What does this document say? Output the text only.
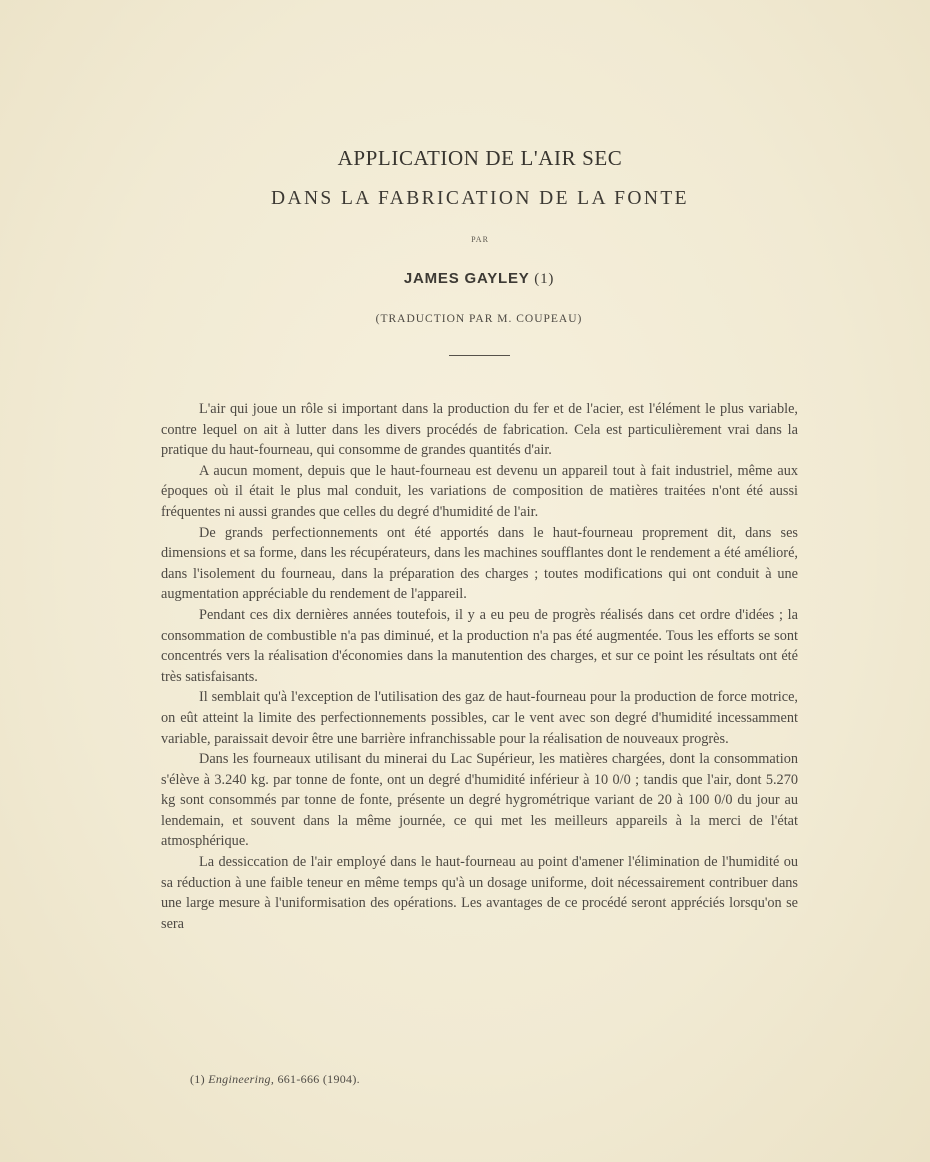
APPLICATION DE L'AIR SEC
DANS LA FABRICATION DE LA FONTE
PAR
JAMES GAYLEY (1)
(TRADUCTION PAR M. COUPEAU)

L'air qui joue un rôle si important dans la production du fer et de l'acier, est l'élément le plus variable, contre lequel on ait à lutter dans les divers procédés de fabrication. Cela est particulièrement vrai dans la pratique du haut-fourneau, qui consomme de grandes quantités d'air.

A aucun moment, depuis que le haut-fourneau est devenu un appareil tout à fait industriel, même aux époques où il était le plus mal conduit, les variations de composition de matières traitées n'ont été aussi fréquentes ni aussi grandes que celles du degré d'humidité de l'air.

De grands perfectionnements ont été apportés dans le haut-fourneau proprement dit, dans ses dimensions et sa forme, dans les récupérateurs, dans les machines soufflantes dont le rendement a été amélioré, dans l'isolement du fourneau, dans la préparation des charges ; toutes modifications qui ont conduit à une augmentation appréciable du rendement de l'appareil.

Pendant ces dix dernières années toutefois, il y a eu peu de progrès réalisés dans cet ordre d'idées ; la consommation de combustible n'a pas diminué, et la production n'a pas été augmentée. Tous les efforts se sont concentrés vers la réalisation d'économies dans la manutention des charges, et sur ce point les résultats ont été très satisfaisants.

Il semblait qu'à l'exception de l'utilisation des gaz de haut-fourneau pour la production de force motrice, on eût atteint la limite des perfectionnements possibles, car le vent avec son degré d'humidité incessamment variable, paraissait devoir être une barrière infranchissable pour la réalisation de nouveaux progrès.

Dans les fourneaux utilisant du minerai du Lac Supérieur, les matières chargées, dont la consommation s'élève à 3.240 kg. par tonne de fonte, ont un degré d'humidité inférieur à 10 0/0 ; tandis que l'air, dont 5.270 kg sont consommés par tonne de fonte, présente un degré hygrométrique variant de 20 à 100 0/0 du jour au lendemain, et souvent dans la même journée, ce qui met les meilleurs appareils à la merci de l'état atmosphérique.

La dessiccation de l'air employé dans le haut-fourneau au point d'amener l'élimination de l'humidité ou sa réduction à une faible teneur en même temps qu'à un dosage uniforme, doit nécessairement contribuer dans une large mesure à l'uniformisation des opérations. Les avantages de ce procédé seront appréciés lorsqu'on se sera

(1) Engineering, 661-666 (1904).
